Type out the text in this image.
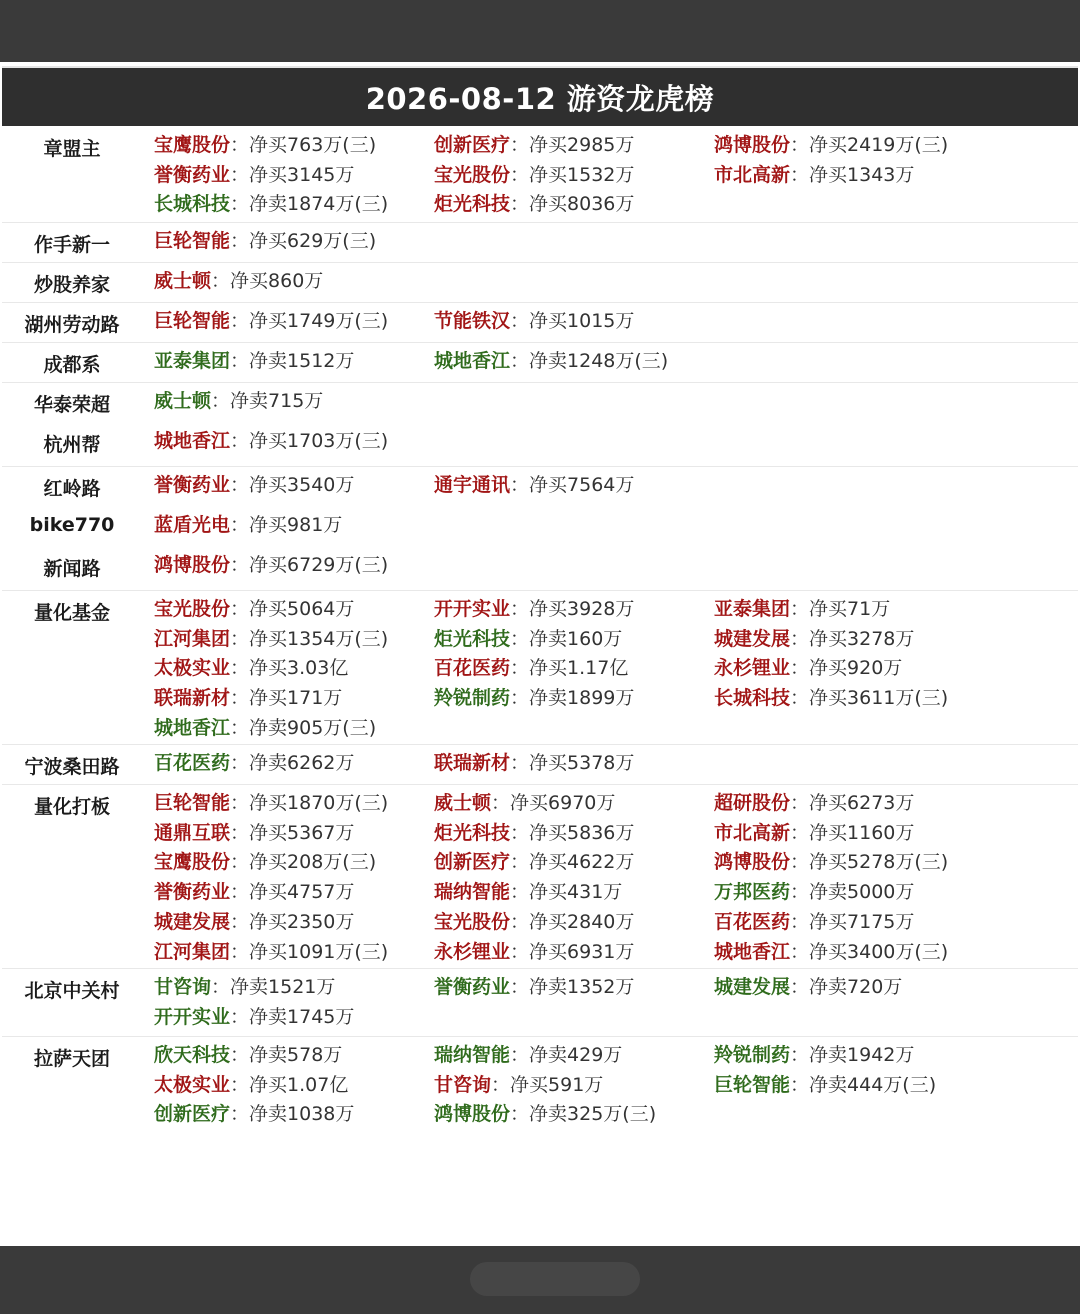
2026-08-12 游资龙虎榜
章盟主	宝鹰股份：净买763万(三)	创新医疗：净买2985万	鸿博股份：净买2419万(三)
誉衡药业：净买3145万	宝光股份：净买1532万	市北高新：净买1343万
长城科技：净卖1874万(三) 炬光科技：净买8036万
作手新一	巨轮智能：净买629万(三)
炒股养家	威士顿：净买860万
湖州劳动路	巨轮智能：净买1749万(三) 节能铁汉：净买1015万
成都系	亚泰集团：净卖1512万	城地香江：净卖1248万(三)
华泰荣超	威士顿：净卖715万
杭州帮	城地香江：净买1703万(三)
红岭路	誉衡药业：净买3540万	通宇通讯：净买7564万
bike770	蓝盾光电：净买981万
新闻路	鸿博股份：净买6729万(三)
量化基金	宝光股份：净买5064万	开开实业：净买3928万	亚泰集团：净买71万
江河集团：净买1354万(三) 炬光科技：净卖160万	城建发展：净买3278万
太极实业：净买3.03亿	百花医药：净买1.17亿	永杉锂业：净买920万
联瑞新材：净买171万	羚锐制药：净卖1899万	长城科技：净买3611万(三)
城地香江：净卖905万(三)
宁波桑田路	百花医药：净卖6262万	联瑞新材：净买5378万
量化打板	巨轮智能：净买1870万(三) 威士顿：净买6970万	超研股份：净买6273万
通鼎互联：净买5367万	炬光科技：净买5836万	市北高新：净买1160万
宝鹰股份：净买208万(三)	创新医疗：净买4622万	鸿博股份：净买5278万(三)
誉衡药业：净买4757万	瑞纳智能：净买431万	万邦医药：净卖5000万
城建发展：净买2350万	宝光股份：净买2840万	百花医药：净买7175万
江河集团：净买1091万(三) 永杉锂业：净买6931万	城地香江：净买3400万(三)
北京中关村	甘咨询：净卖1521万	誉衡药业：净卖1352万	城建发展：净卖720万
开开实业：净卖1745万
拉萨天团	欣天科技：净卖578万	瑞纳智能：净卖429万	羚锐制药：净卖1942万
太极实业：净买1.07亿	甘咨询：净买591万	巨轮智能：净卖444万(三)
创新医疗：净卖1038万	鸿博股份：净卖325万(三)
